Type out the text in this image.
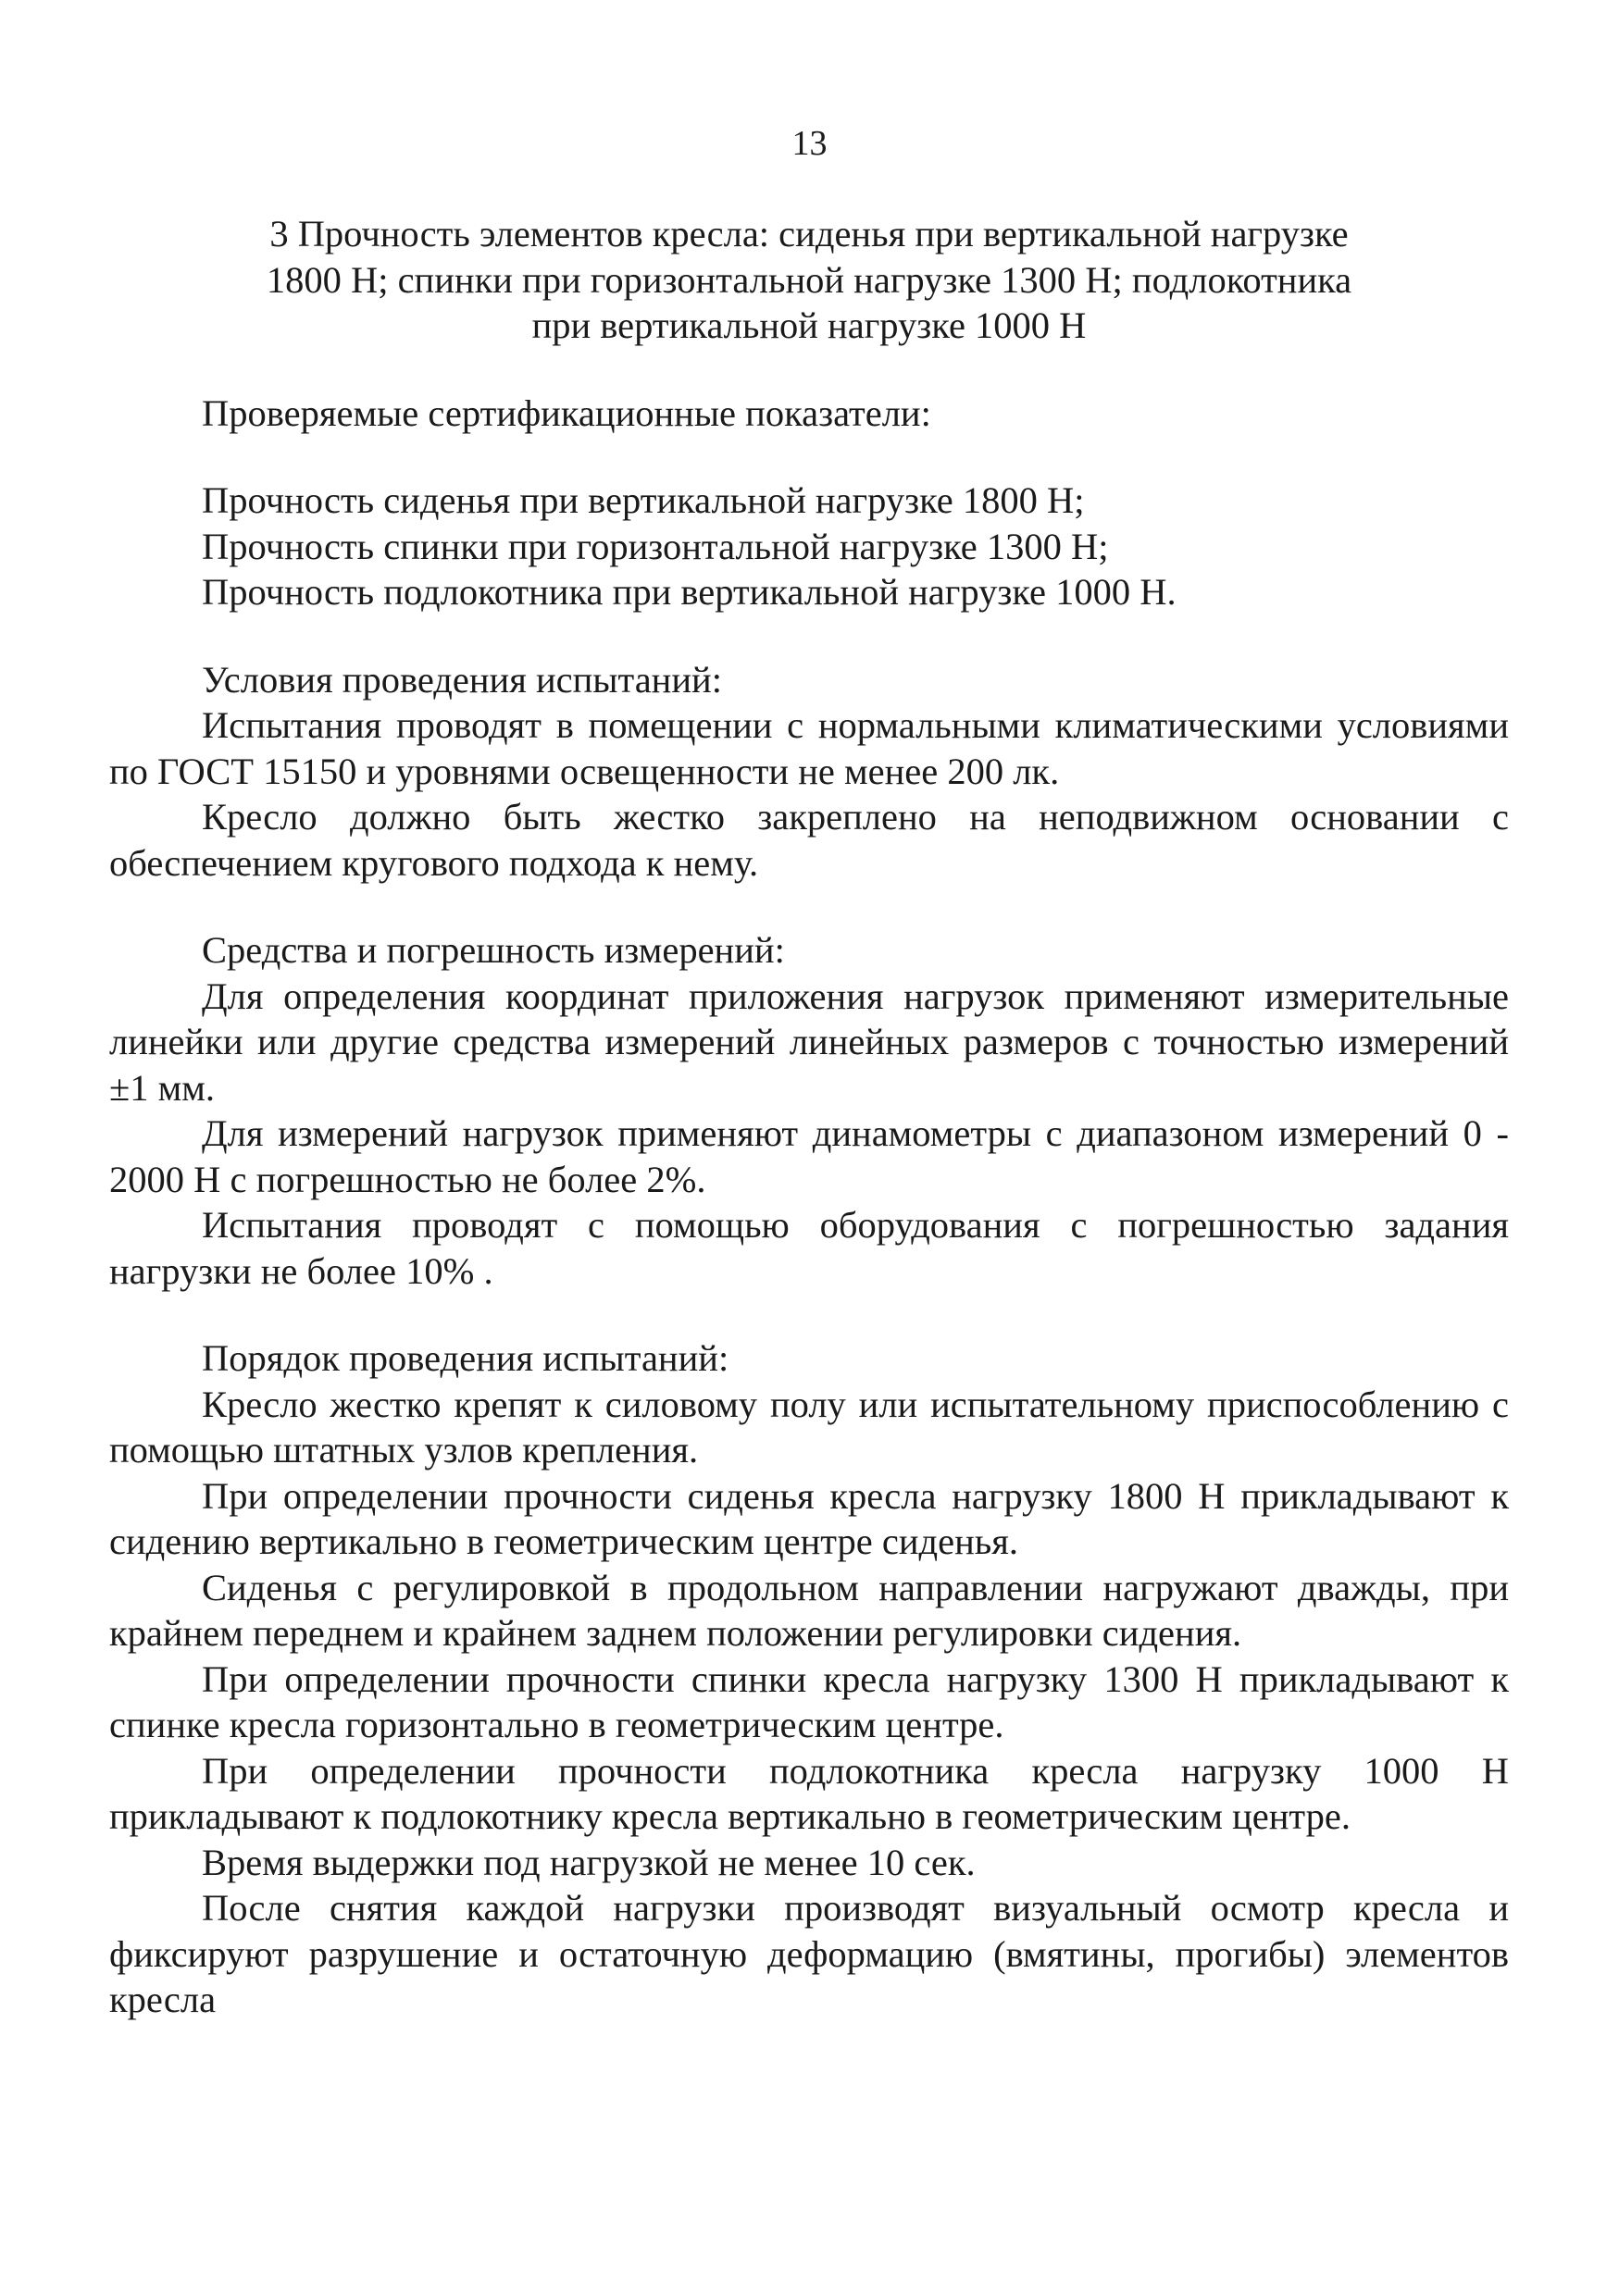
13

3 Прочность элементов кресла: сиденья при вертикальной нагрузке
1800 Н; спинки при горизонтальной нагрузке 1300 Н; подлокотника
при вертикальной нагрузке 1000 Н

Проверяемые сертификационные показатели:

Прочность сиденья при вертикальной нагрузке 1800 Н;

Прочность спинки при горизонтальной нагрузке 1300 Н;

Прочность подлокотника при вертикальной нагрузке 1000 Н.

Условия проведения испытаний:

Испытания проводят в помещении с нормальными климатическими условиями по ГОСТ 15150 и уровнями освещенности не менее 200 лк.

Кресло должно быть жестко закреплено на неподвижном основании с обеспечением кругового подхода к нему.

Средства и погрешность измерений:

Для определения координат приложения нагрузок применяют измерительные линейки или другие средства измерений линейных размеров с точностью измерений ±1 мм.

Для измерений нагрузок применяют динамометры с диапазоном измерений 0 - 2000 Н с погрешностью не более 2%.

Испытания проводят с помощью оборудования с погрешностью задания нагрузки не более 10% .

Порядок проведения испытаний:

Кресло жестко крепят к силовому полу или испытательному приспособлению с помощью штатных узлов крепления.

При определении прочности сиденья кресла нагрузку 1800 Н прикладывают к сидению вертикально в геометрическим центре сиденья.

Сиденья с регулировкой в продольном направлении нагружают дважды, при крайнем переднем и крайнем заднем положении регулировки сидения.

При определении прочности спинки кресла нагрузку 1300 Н прикладывают к спинке кресла горизонтально в геометрическим центре.

При определении прочности подлокотника кресла нагрузку 1000 Н прикладывают к подлокотнику кресла вертикально в геометрическим центре.

Время выдержки под нагрузкой не менее 10 сек.

После снятия каждой нагрузки производят визуальный осмотр кресла и фиксируют разрушение и остаточную деформацию (вмятины, прогибы) элементов кресла
